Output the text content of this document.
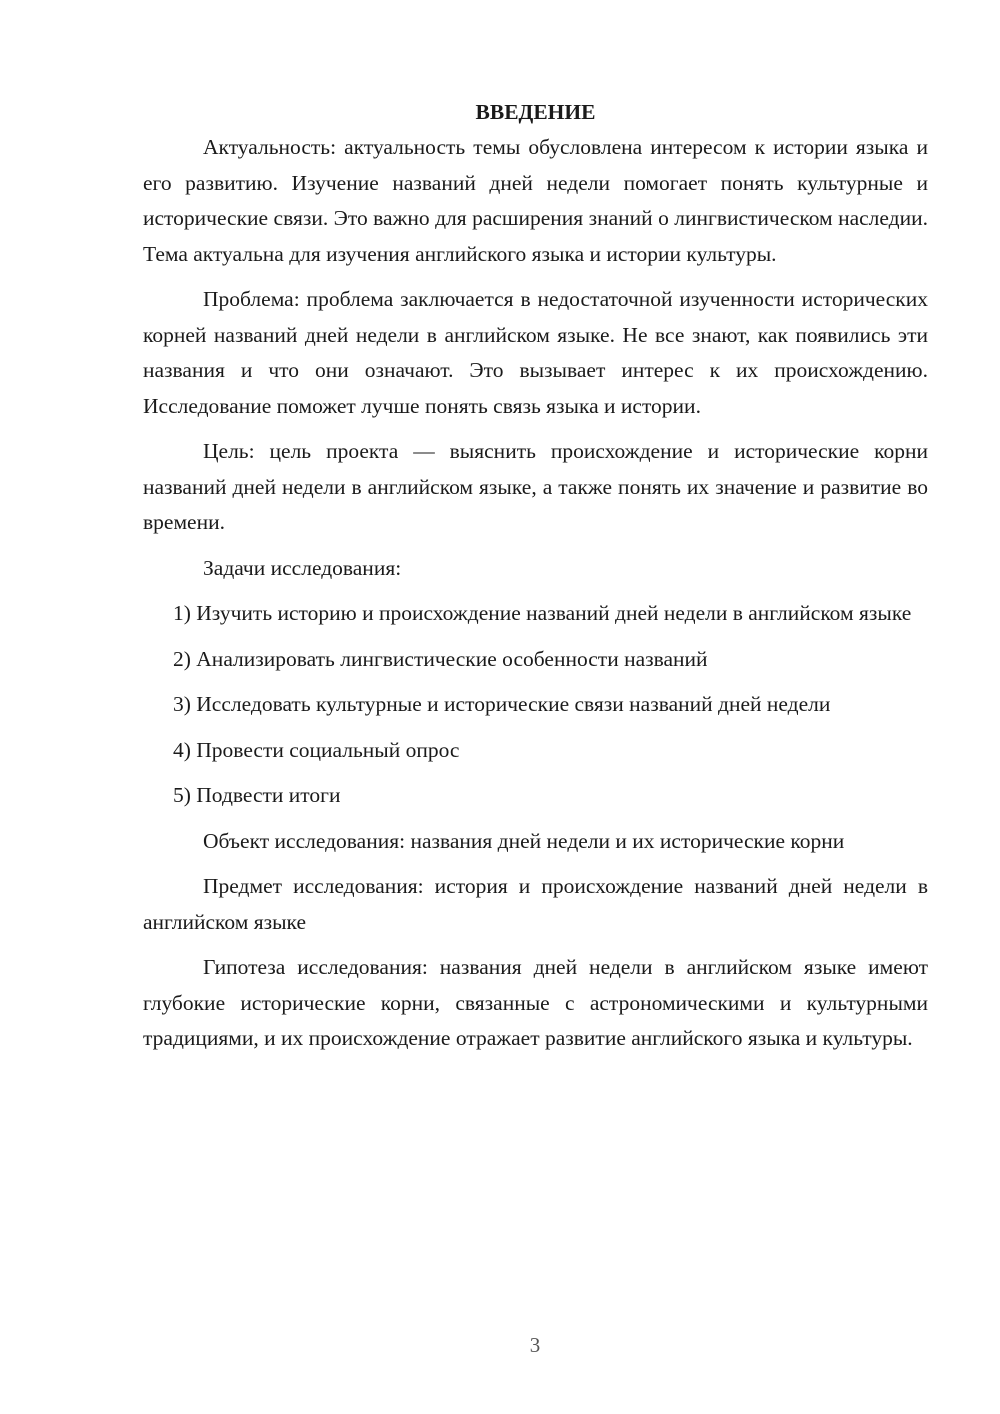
ВВЕДЕНИЕ

Актуальность: актуальность темы обусловлена интересом к истории языка и его развитию. Изучение названий дней недели помогает понять культурные и исторические связи. Это важно для расширения знаний о лингвистическом наследии. Тема актуальна для изучения английского языка и истории культуры.

Проблема: проблема заключается в недостаточной изученности исторических корней названий дней недели в английском языке. Не все знают, как появились эти названия и что они означают. Это вызывает интерес к их происхождению. Исследование поможет лучше понять связь языка и истории.

Цель: цель проекта — выяснить происхождение и исторические корни названий дней недели в английском языке, а также понять их значение и развитие во времени.

Задачи исследования:

1) Изучить историю и происхождение названий дней недели в английском языке

2) Анализировать лингвистические особенности названий

3) Исследовать культурные и исторические связи названий дней недели

4) Провести социальный опрос

5) Подвести итоги

Объект исследования: названия дней недели и их исторические корни

Предмет исследования: история и происхождение названий дней недели в английском языке

Гипотеза исследования: названия дней недели в английском языке имеют глубокие исторические корни, связанные с астрономическими и культурными традициями, и их происхождение отражает развитие английского языка и культуры.

3
